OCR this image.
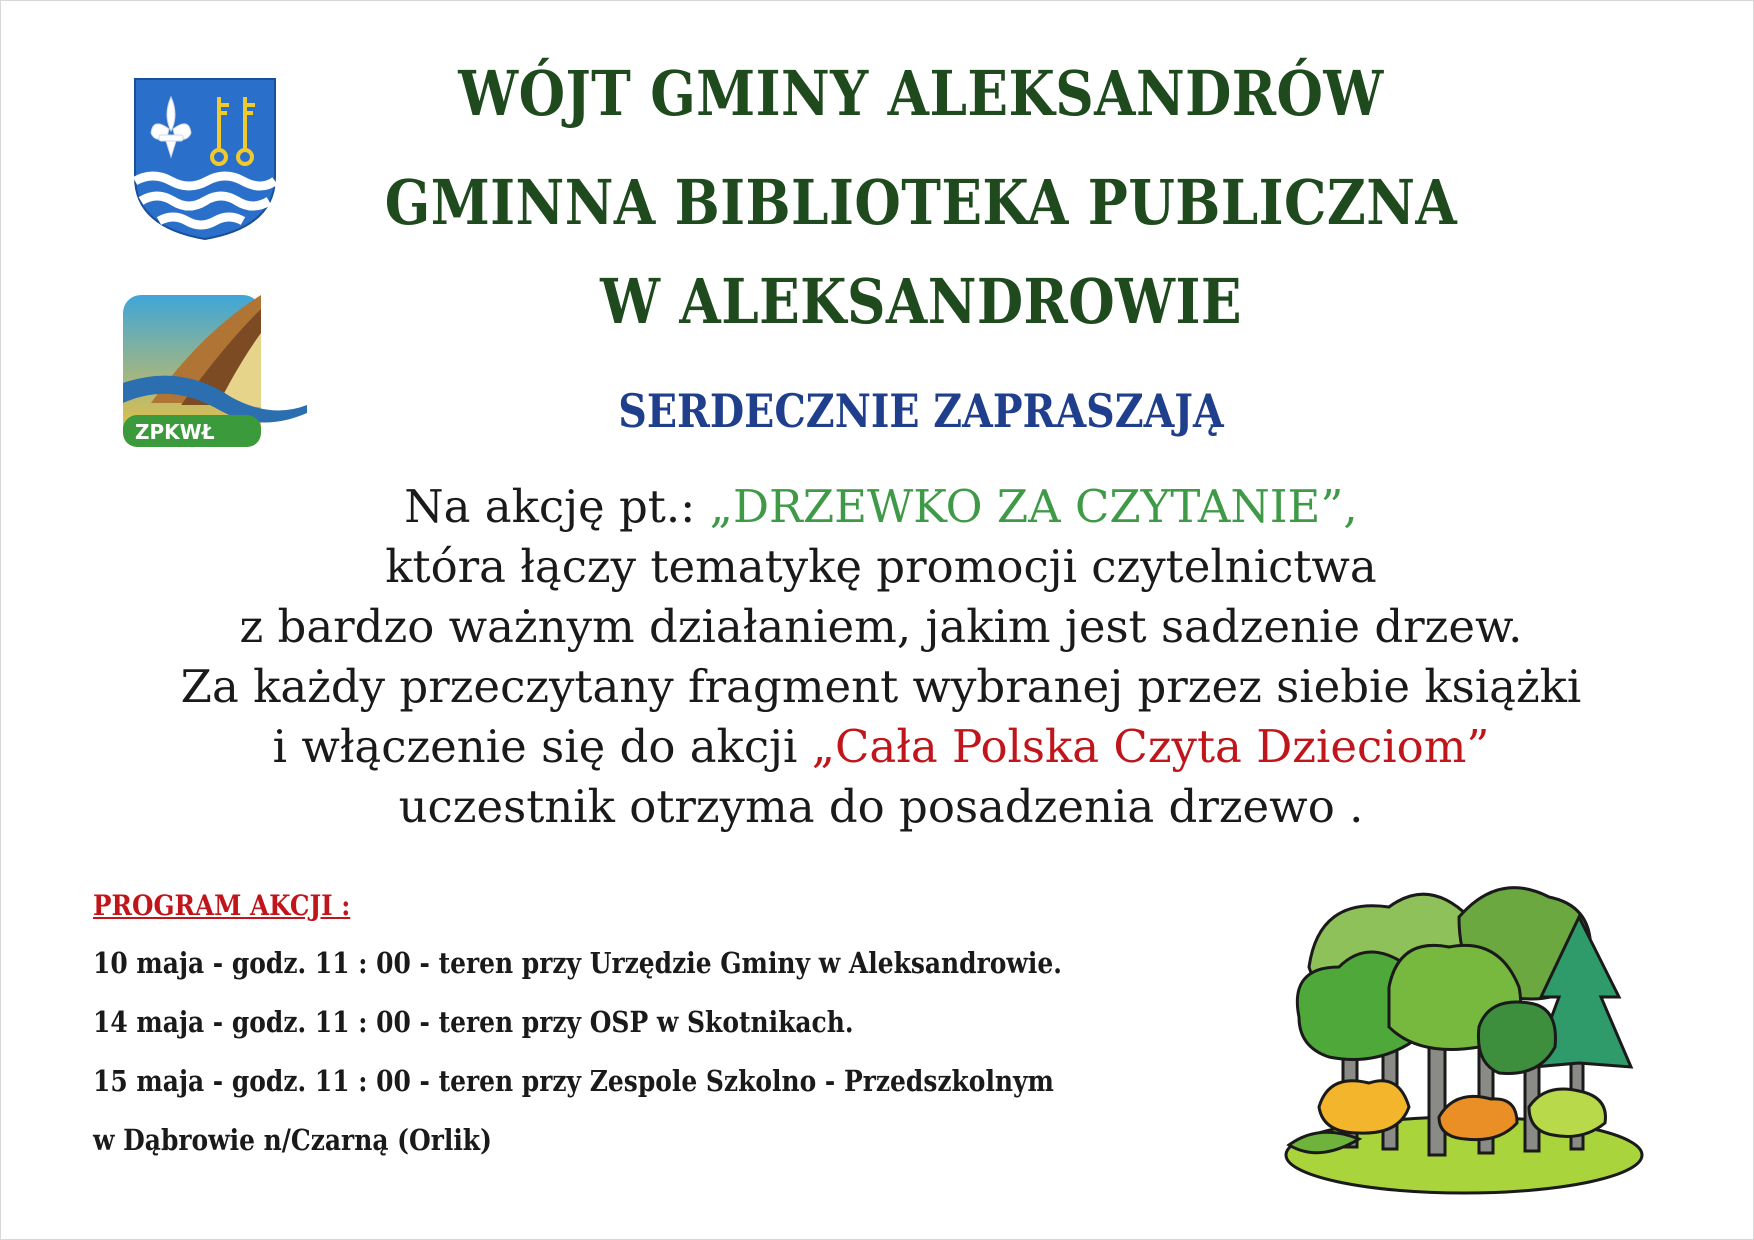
ZPKWŁ
WÓJT GMINY ALEKSANDRÓW
GMINNA BIBLIOTEKA PUBLICZNA
W ALEKSANDROWIE
SERDECZNIE ZAPRASZAJĄ

Na akcję pt.: „DRZEWKO ZA CZYTANIE”,
która łączy tematykę promocji czytelnictwa
z bardzo ważnym działaniem, jakim jest sadzenie drzew.
Za każdy przeczytany fragment wybranej przez siebie książki
i włączenie się do akcji „Cała Polska Czyta Dzieciom”
uczestnik otrzyma do posadzenia drzewo .

PROGRAM AKCJI :
10 maja - godz. 11 : 00 - teren przy Urzędzie Gminy w Aleksandrowie.
14 maja - godz. 11 : 00 - teren przy OSP w Skotnikach.
15 maja - godz. 11 : 00 - teren przy Zespole Szkolno - Przedszkolnym
w Dąbrowie n/Czarną (Orlik)
